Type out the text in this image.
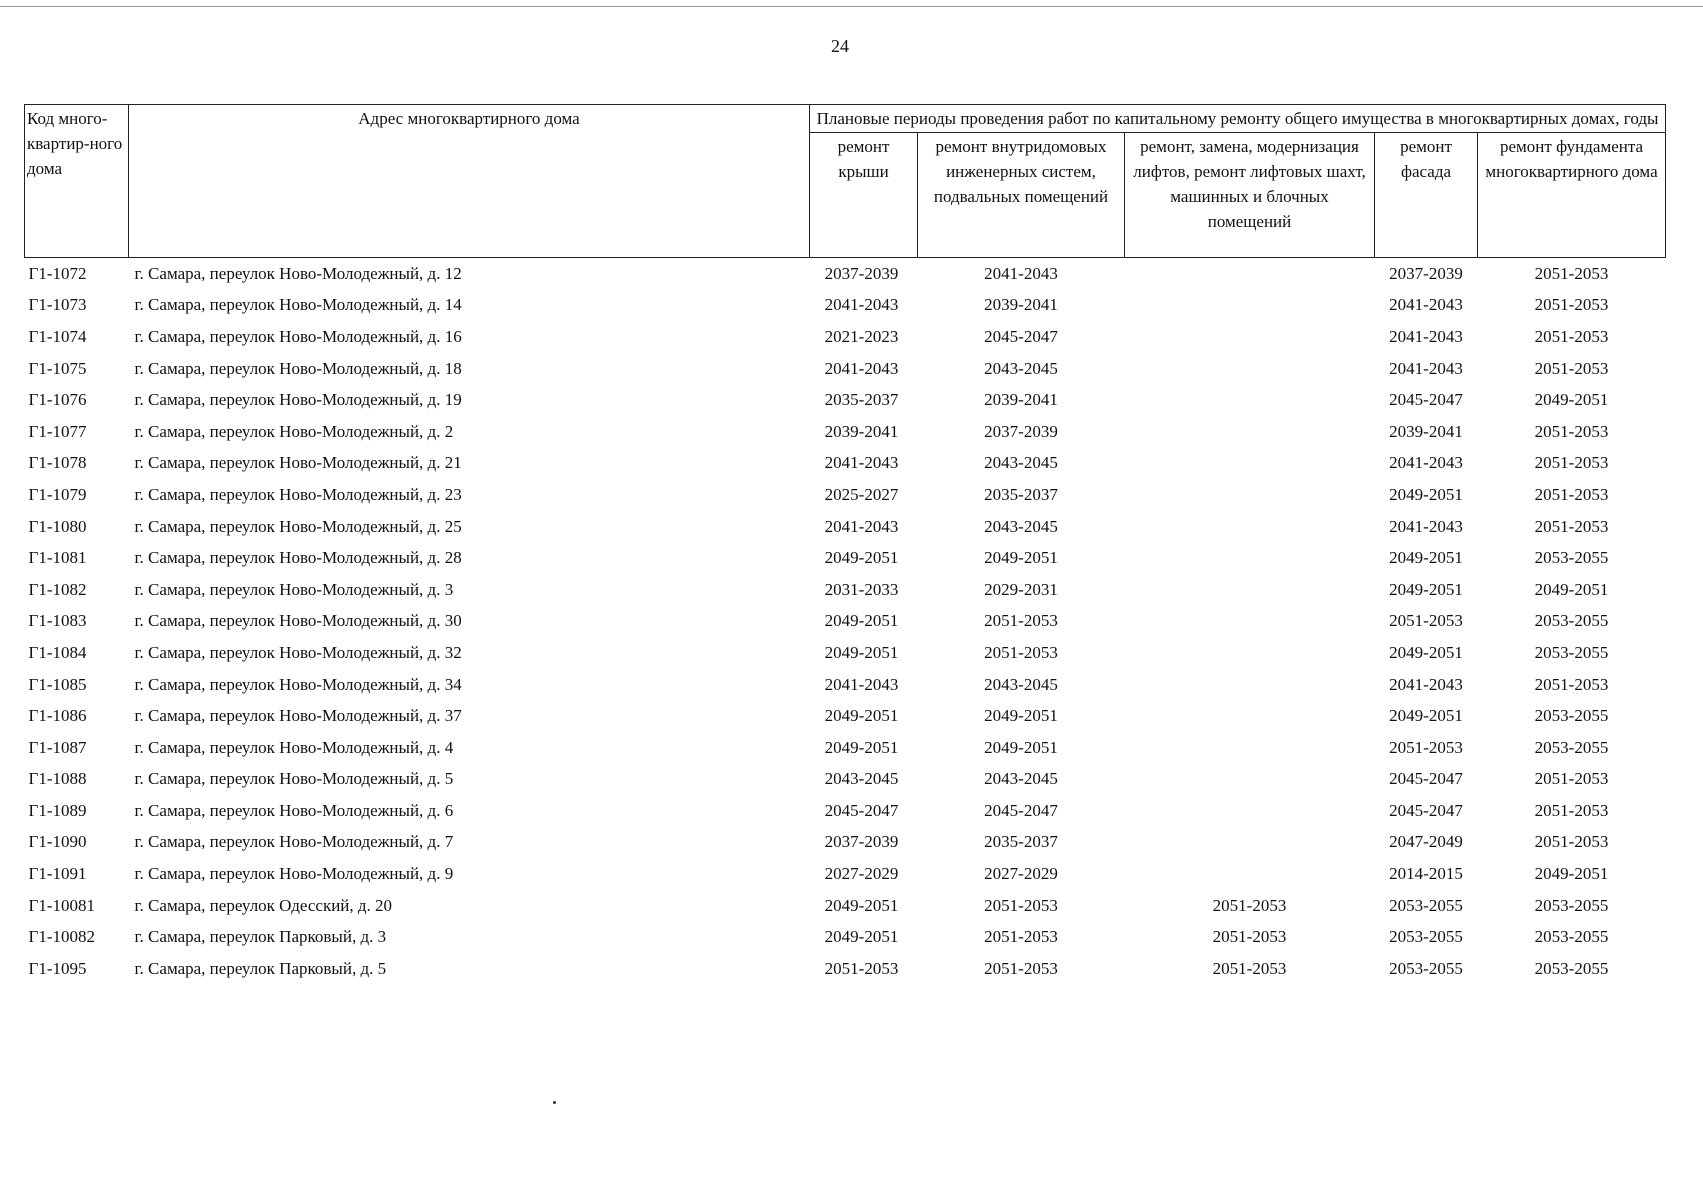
24
Код много-квартир-ного дома	Адрес многоквартирного дома	Плановые периоды проведения работ по капитальному ремонту общего имущества в многоквартирных домах, годы				
		ремонт крыши	ремонт внутридомовых инженерных систем, подвальных помещений	ремонт, замена, модернизация лифтов, ремонт лифтовых шахт, машинных и блочных помещений	ремонт фасада	ремонт фундамента многоквартирного дома
Г1-1072	г. Самара, переулок Ново-Молодежный, д. 12	2037-2039	2041-2043		2037-2039	2051-2053
Г1-1073	г. Самара, переулок Ново-Молодежный, д. 14	2041-2043	2039-2041		2041-2043	2051-2053
Г1-1074	г. Самара, переулок Ново-Молодежный, д. 16	2021-2023	2045-2047		2041-2043	2051-2053
Г1-1075	г. Самара, переулок Ново-Молодежный, д. 18	2041-2043	2043-2045		2041-2043	2051-2053
Г1-1076	г. Самара, переулок Ново-Молодежный, д. 19	2035-2037	2039-2041		2045-2047	2049-2051
Г1-1077	г. Самара, переулок Ново-Молодежный, д. 2	2039-2041	2037-2039		2039-2041	2051-2053
Г1-1078	г. Самара, переулок Ново-Молодежный, д. 21	2041-2043	2043-2045		2041-2043	2051-2053
Г1-1079	г. Самара, переулок Ново-Молодежный, д. 23	2025-2027	2035-2037		2049-2051	2051-2053
Г1-1080	г. Самара, переулок Ново-Молодежный, д. 25	2041-2043	2043-2045		2041-2043	2051-2053
Г1-1081	г. Самара, переулок Ново-Молодежный, д. 28	2049-2051	2049-2051		2049-2051	2053-2055
Г1-1082	г. Самара, переулок Ново-Молодежный, д. 3	2031-2033	2029-2031		2049-2051	2049-2051
Г1-1083	г. Самара, переулок Ново-Молодежный, д. 30	2049-2051	2051-2053		2051-2053	2053-2055
Г1-1084	г. Самара, переулок Ново-Молодежный, д. 32	2049-2051	2051-2053		2049-2051	2053-2055
Г1-1085	г. Самара, переулок Ново-Молодежный, д. 34	2041-2043	2043-2045		2041-2043	2051-2053
Г1-1086	г. Самара, переулок Ново-Молодежный, д. 37	2049-2051	2049-2051		2049-2051	2053-2055
Г1-1087	г. Самара, переулок Ново-Молодежный, д. 4	2049-2051	2049-2051		2051-2053	2053-2055
Г1-1088	г. Самара, переулок Ново-Молодежный, д. 5	2043-2045	2043-2045		2045-2047	2051-2053
Г1-1089	г. Самара, переулок Ново-Молодежный, д. 6	2045-2047	2045-2047		2045-2047	2051-2053
Г1-1090	г. Самара, переулок Ново-Молодежный, д. 7	2037-2039	2035-2037		2047-2049	2051-2053
Г1-1091	г. Самара, переулок Ново-Молодежный, д. 9	2027-2029	2027-2029		2014-2015	2049-2051
Г1-10081	г. Самара, переулок Одесский, д. 20	2049-2051	2051-2053	2051-2053	2053-2055	2053-2055
Г1-10082	г. Самара, переулок Парковый, д. 3	2049-2051	2051-2053	2051-2053	2053-2055	2053-2055
Г1-1095	г. Самара, переулок Парковый, д. 5	2051-2053	2051-2053	2051-2053	2053-2055	2053-2055
